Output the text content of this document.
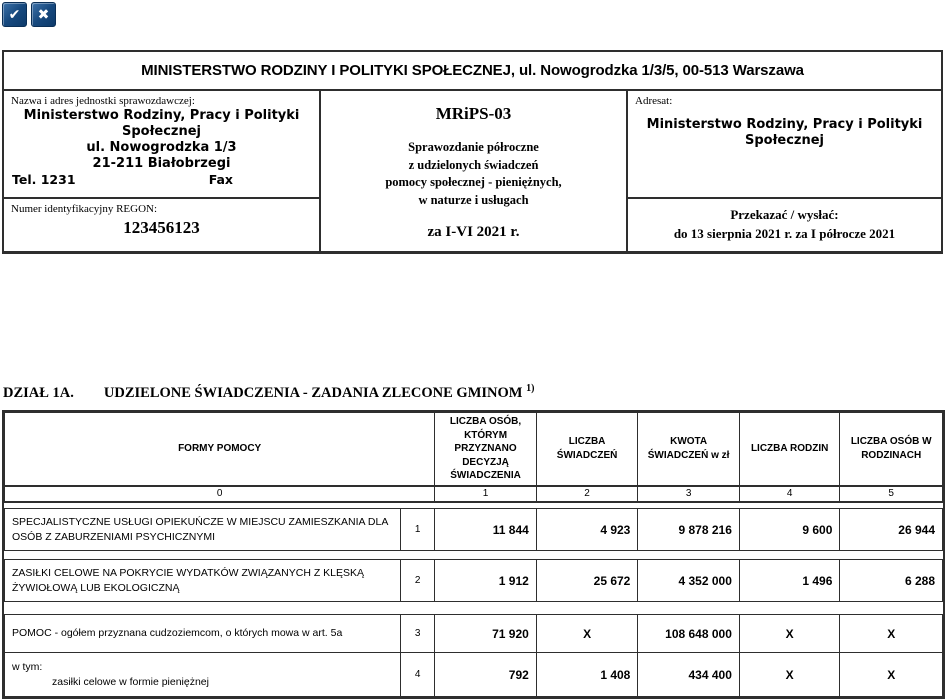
✔ ✖
MINISTERSTWO RODZINY I POLITYKI SPOŁECZNEJ, ul. Nowogrodzka 1/3/5, 00-513 Warszawa
Nazwa i adres jednostki sprawozdawczej:
Ministerstwo Rodziny, Pracy i Polityki Społecznej
ul. Nowogrodzka 1/3
21-211 Białobrzegi
Tel. 1231	Fax
Numer identyfikacyjny REGON:
123456123
MRiPS-03
Sprawozdanie półroczne
z udzielonych świadczeń
pomocy społecznej - pieniężnych,
w naturze i usługach
za I-VI 2021 r.
Adresat:
Ministerstwo Rodziny, Pracy i Polityki Społecznej
Przekazać / wysłać:
do 13 sierpnia 2021 r. za I półrocze 2021
DZIAŁ 1A. UDZIELONE ŚWIADCZENIA - ZADANIA ZLECONE GMINOM $^{1)}$
FORMY POMOCY		LICZBA OSÓB, KTÓRYM PRZYZNANO DECYZJĄ ŚWIADCZENIA	LICZBA ŚWIADCZEŃ	KWOTA ŚWIADCZEŃ w zł	LICZBA RODZIN	LICZBA OSÓB W RODZINACH
0		1	2	3	4	5

SPECJALISTYCZNE USŁUGI OPIEKUŃCZE W MIEJSCU ZAMIESZKANIA DLA OSÓB Z ZABURZENIAMI PSYCHICZNYMI	1	11 844	4 923	9 878 216	9 600	26 944

ZASIŁKI CELOWE NA POKRYCIE WYDATKÓW ZWIĄZANYCH Z KLĘSKĄ ŻYWIOŁOWĄ LUB EKOLOGICZNĄ	2	1 912	25 672	4 352 000	1 496	6 288

POMOC - ogółem przyznana cudzoziemcom, o których mowa w art. 5a	3	71 920	X	108 648 000	X	X

w tym:
zasiłki celowe w formie pieniężnej	4	792	1 408	434 400	X	X
